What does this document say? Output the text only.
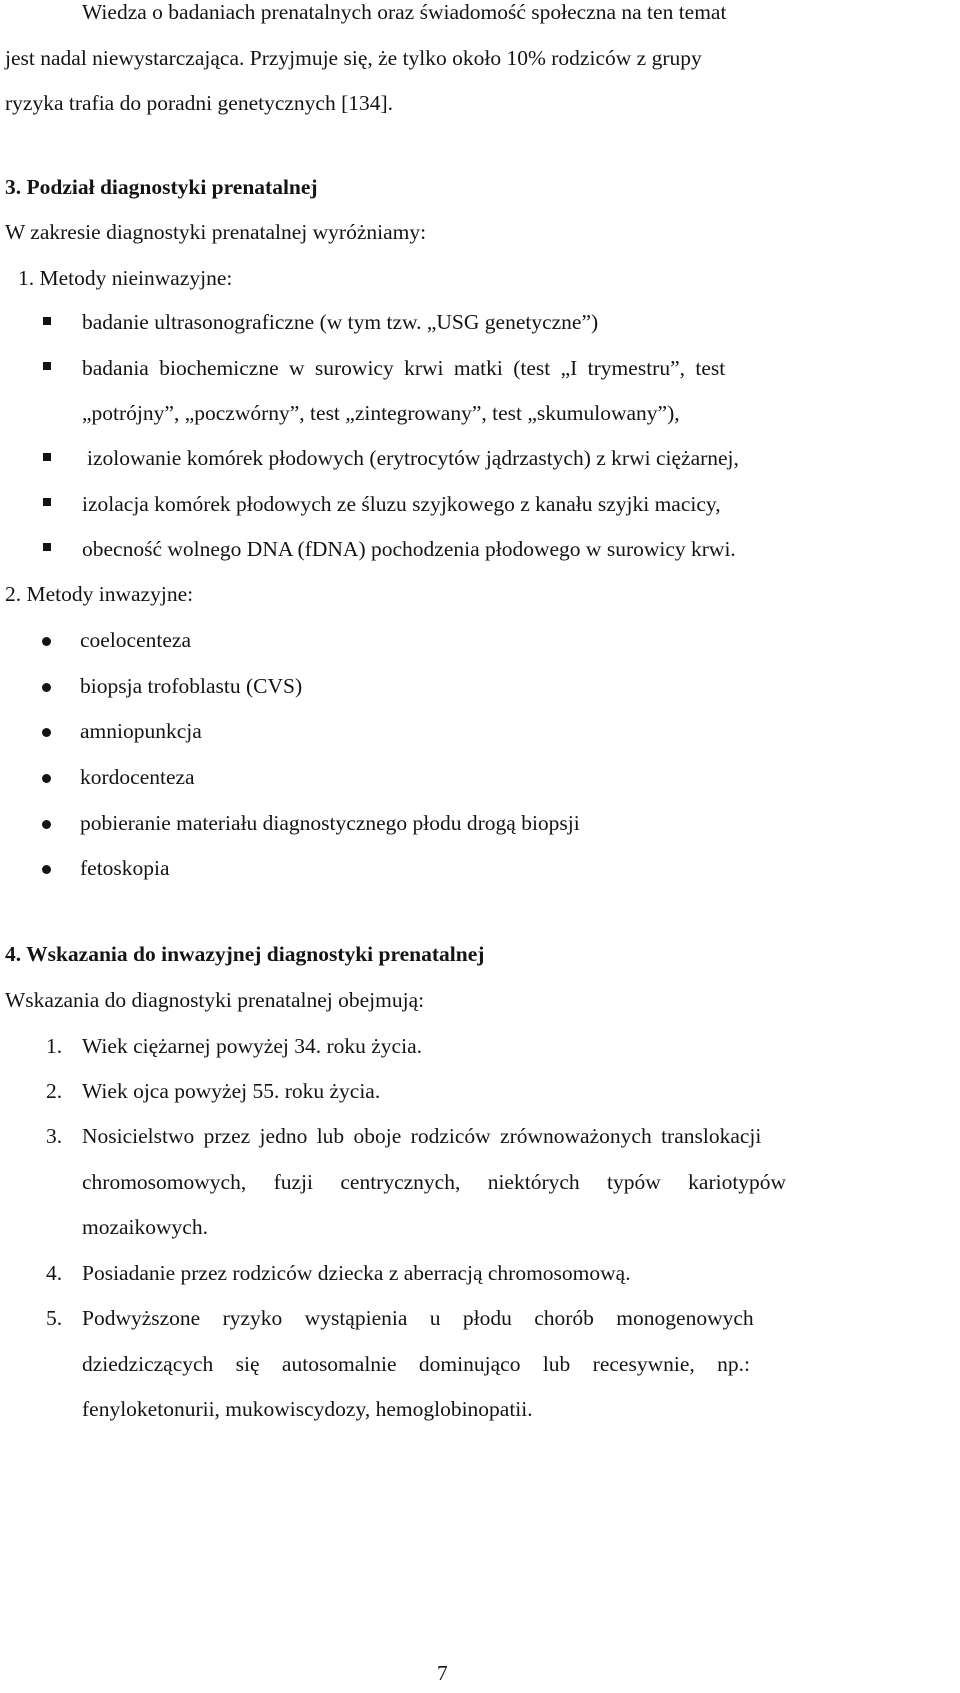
Wiedza o badaniach prenatalnych oraz świadomość społeczna na ten temat
jest nadal niewystarczająca. Przyjmuje się, że tylko około 10% rodziców z grupy
ryzyka trafia do poradni genetycznych [134].
3. Podział diagnostyki prenatalnej
W zakresie diagnostyki prenatalnej wyróżniamy:
1. Metody nieinwazyjne:
badanie ultrasonograficzne (w tym tzw. „USG genetyczne”)
badania biochemiczne w surowicy krwi matki (test „I trymestru”, test
„potrójny”, „poczwórny”, test „zintegrowany”, test „skumulowany”),
izolowanie komórek płodowych (erytrocytów jądrzastych) z krwi ciężarnej,
izolacja komórek płodowych ze śluzu szyjkowego z kanału szyjki macicy,
obecność wolnego DNA (fDNA) pochodzenia płodowego w surowicy krwi.
2. Metody inwazyjne:
coelocenteza
biopsja trofoblastu (CVS)
amniopunkcja
kordocenteza
pobieranie materiału diagnostycznego płodu drogą biopsji
fetoskopia
4. Wskazania do inwazyjnej diagnostyki prenatalnej
Wskazania do diagnostyki prenatalnej obejmują:
1. Wiek ciężarnej powyżej 34. roku życia.
2. Wiek ojca powyżej 55. roku życia.
3. Nosicielstwo przez jedno lub oboje rodziców zrównoważonych translokacji
chromosomowych, fuzji centrycznych, niektórych typów kariotypów
mozaikowych.
4. Posiadanie przez rodziców dziecka z aberracją chromosomową.
5. Podwyższone ryzyko wystąpienia u płodu chorób monogenowych
dziedziczących się autosomalnie dominująco lub recesywnie, np.:
fenyloketonurii, mukowiscydozy, hemoglobinopatii.
7
